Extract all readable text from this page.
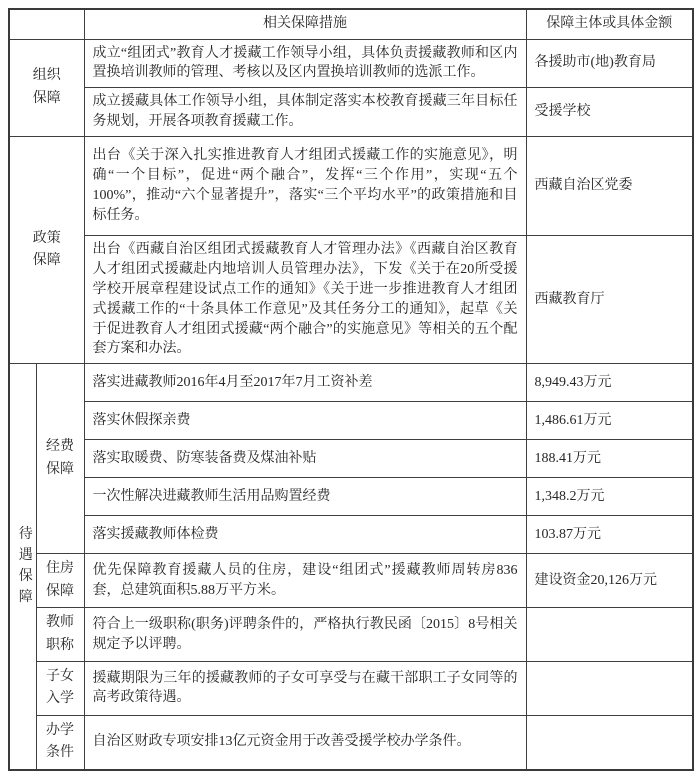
		相关保障措施	保障主体或具体金额
组织保障		成立“组团式”教育人才援藏工作领导小组，具体负责援藏教师和区内置换培训教师的管理、考核以及区内置换培训教师的选派工作。	各援助市(地)教育局
		成立援藏具体工作领导小组，具体制定落实本校教育援藏三年目标任务规划，开展各项教育援藏工作。	受援学校
政策保障		出台《关于深入扎实推进教育人才组团式援藏工作的实施意见》，明确“一个目标”，促进“两个融合”，发挥“三个作用”，实现“五个100%”，推动“六个显著提升”，落实“三个平均水平”的政策措施和目标任务。	西藏自治区党委
		出台《西藏自治区组团式援藏教育人才管理办法》《西藏自治区教育人才组团式援藏赴内地培训人员管理办法》，下发《关于在20所受援学校开展章程建设试点工作的通知》《关于进一步推进教育人才组团式援藏工作的“十条具体工作意见”及其任务分工的通知》，起草《关于促进教育人才组团式援藏“两个融合”的实施意见》等相关的五个配套方案和办法。	西藏教育厅
待遇保障	经费保障	落实进藏教师2016年4月至2017年7月工资补差	8,949.43万元
		落实休假探亲费	1,486.61万元
		落实取暖费、防寒装备费及煤油补贴	188.41万元
		一次性解决进藏教师生活用品购置经费	1,348.2万元
		落实援藏教师体检费	103.87万元
	住房保障	优先保障教育援藏人员的住房，建设“组团式”援藏教师周转房836套，总建筑面积5.88万平方米。	建设资金20,126万元
	教师职称	符合上一级职称(职务)评聘条件的，严格执行教民函〔2015〕8号相关规定予以评聘。	
	子女入学	援藏期限为三年的援藏教师的子女可享受与在藏干部职工子女同等的高考政策待遇。	
	办学条件	自治区财政专项安排13亿元资金用于改善受援学校办学条件。	
